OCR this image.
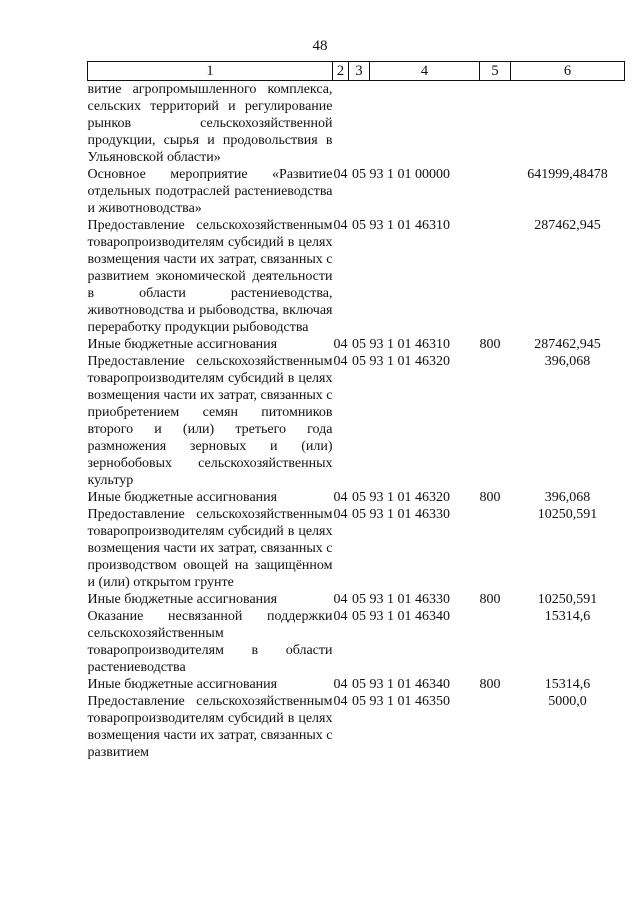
48
1	2	3	4	5	6
витие агропромышленного комплекса, сельских территорий и регулирование рынков сельскохозяйственной продукции, сырья и продовольствия в Ульяновской области»					
Основное мероприятие «Развитие отдельных подотраслей растениеводства и животноводства»	04	05	93 1 01 00000		641999,48478
Предоставление сельскохозяйственным товаропроизводителям субсидий в целях возмещения части их затрат, связанных с развитием экономической деятельности в области растениеводства, животноводства и рыбоводства, включая переработку продукции рыбоводства	04	05	93 1 01 46310		287462,945
Иные бюджетные ассигнования	04	05	93 1 01 46310	800	287462,945
Предоставление сельскохозяйственным товаропроизводителям субсидий в целях возмещения части их затрат, связанных с приобретением семян питомников второго и (или) третьего года размножения зерновых и (или) зернобобовых сельскохозяйственных культур	04	05	93 1 01 46320		396,068
Иные бюджетные ассигнования	04	05	93 1 01 46320	800	396,068
Предоставление сельскохозяйственным товаропроизводителям субсидий в целях возмещения части их затрат, связанных с производством овощей на защищённом и (или) открытом грунте	04	05	93 1 01 46330		10250,591
Иные бюджетные ассигнования	04	05	93 1 01 46330	800	10250,591
Оказание несвязанной поддержки сельскохозяйственным товаропроизводителям в области растениеводства	04	05	93 1 01 46340		15314,6
Иные бюджетные ассигнования	04	05	93 1 01 46340	800	15314,6
Предоставление сельскохозяйственным товаропроизводителям субсидий в целях возмещения части их затрат, связанных с развитием	04	05	93 1 01 46350		5000,0
